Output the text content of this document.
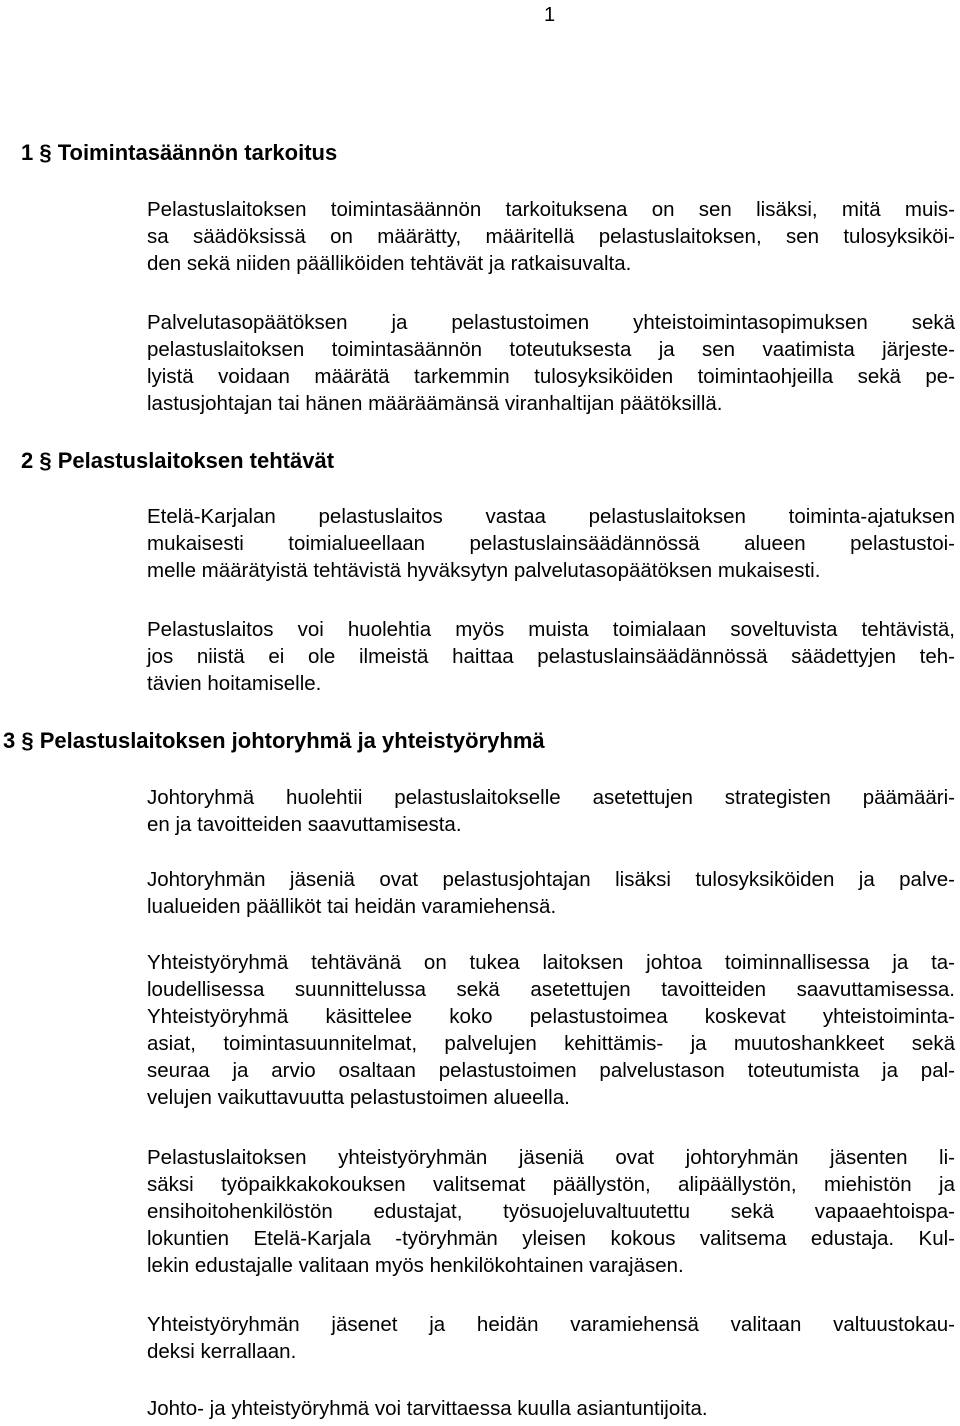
1
1 § Toimintasäännön tarkoitus
Pelastuslaitoksen toimintasäännön tarkoituksena on sen lisäksi, mitä muis-
sa säädöksissä on määrätty, määritellä pelastuslaitoksen, sen tulosyksiköi-
den sekä niiden päälliköiden tehtävät ja ratkaisuvalta.
Palvelutasopäätöksen ja pelastustoimen yhteistoimintasopimuksen sekä
pelastuslaitoksen toimintasäännön toteutuksesta ja sen vaatimista järjeste-
lyistä voidaan määrätä tarkemmin tulosyksiköiden toimintaohjeilla sekä pe-
lastusjohtajan tai hänen määräämänsä viranhaltijan päätöksillä.
2 § Pelastuslaitoksen tehtävät
Etelä-Karjalan pelastuslaitos vastaa pelastuslaitoksen toiminta-ajatuksen
mukaisesti toimialueellaan pelastuslainsäädännössä alueen pelastustoi-
melle määrätyistä tehtävistä hyväksytyn palvelutasopäätöksen mukaisesti.
Pelastuslaitos voi huolehtia myös muista toimialaan soveltuvista tehtävistä,
jos niistä ei ole ilmeistä haittaa pelastuslainsäädännössä säädettyjen teh-
tävien hoitamiselle.
3 § Pelastuslaitoksen johtoryhmä ja yhteistyöryhmä
Johtoryhmä huolehtii pelastuslaitokselle asetettujen strategisten päämääri-
en ja tavoitteiden saavuttamisesta.
Johtoryhmän jäseniä ovat pelastusjohtajan lisäksi tulosyksiköiden ja palve-
lualueiden päälliköt tai heidän varamiehensä.
Yhteistyöryhmä tehtävänä on tukea laitoksen johtoa toiminnallisessa ja ta-
loudellisessa suunnittelussa sekä asetettujen tavoitteiden saavuttamisessa.
Yhteistyöryhmä käsittelee koko pelastustoimea koskevat yhteistoiminta-
asiat, toimintasuunnitelmat, palvelujen kehittämis- ja muutoshankkeet sekä
seuraa ja arvio osaltaan pelastustoimen palvelustason toteutumista ja pal-
velujen vaikuttavuutta pelastustoimen alueella.
Pelastuslaitoksen yhteistyöryhmän jäseniä ovat johtoryhmän jäsenten li-
säksi työpaikkakokouksen valitsemat päällystön, alipäällystön, miehistön ja
ensihoitohenkilöstön edustajat, työsuojeluvaltuutettu sekä vapaaehtoispa-
lokuntien Etelä-Karjala -työryhmän yleisen kokous valitsema edustaja. Kul-
lekin edustajalle valitaan myös henkilökohtainen varajäsen.
Yhteistyöryhmän jäsenet ja heidän varamiehensä valitaan valtuustokau-
deksi kerrallaan.
Johto- ja yhteistyöryhmä voi tarvittaessa kuulla asiantuntijoita.
